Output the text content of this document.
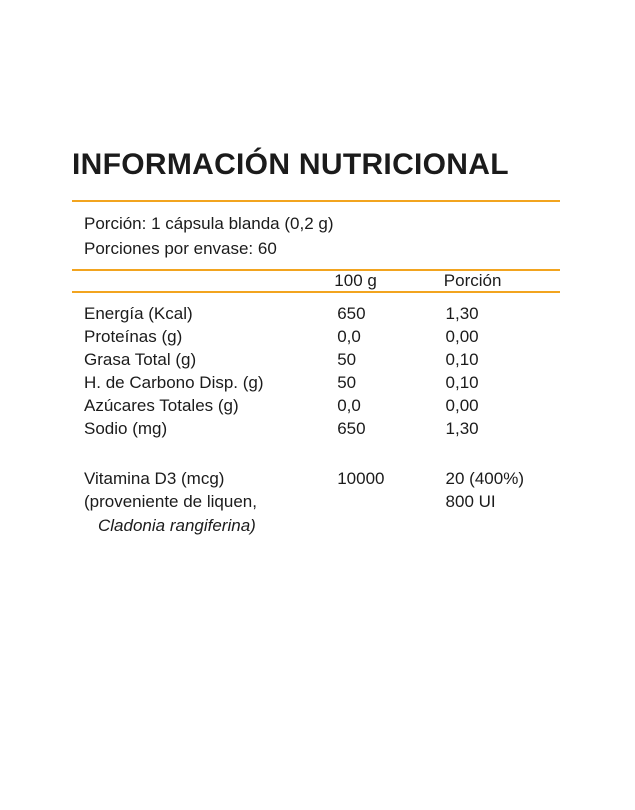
INFORMACIÓN NUTRICIONAL
Porción: 1 cápsula blanda (0,2 g)
Porciones por envase: 60
	100 g	Porción
Energía (Kcal)	650	1,30
Proteínas (g)	0,0	0,00
Grasa Total (g)	50	0,10
H. de Carbono Disp. (g)	50	0,10
Azúcares Totales (g)	0,0	0,00
Sodio (mg)	650	1,30

Vitamina D3 (mcg)	10000	20 (400%)
(proveniente de liquen,		800 UI
Cladonia rangiferina)		
